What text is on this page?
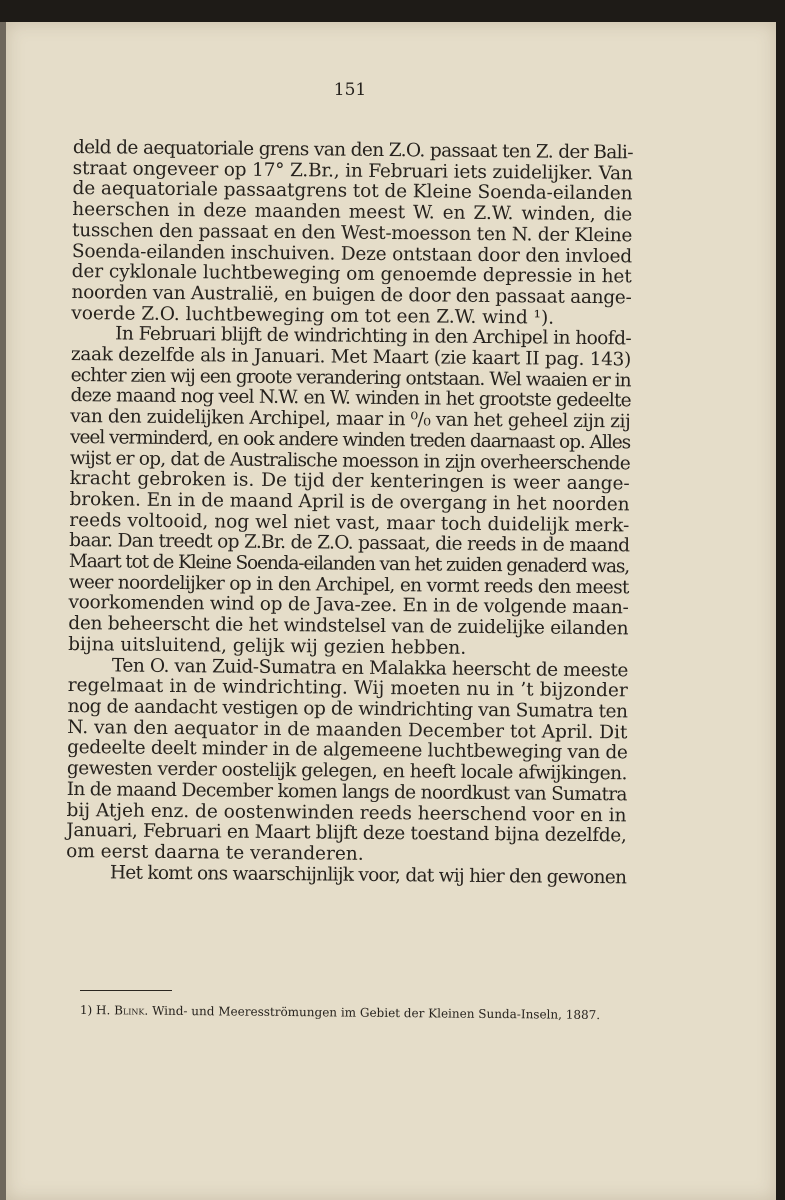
151
deld de aequatoriale grens van den Z.O. passaat ten Z. der Bali-
straat ongeveer op 17° Z.Br., in Februari iets zuidelijker. Van
de aequatoriale passaatgrens tot de Kleine Soenda-eilanden
heerschen in deze maanden meest W. en Z.W. winden, die
tusschen den passaat en den West-moesson ten N. der Kleine
Soenda-eilanden inschuiven. Deze ontstaan door den invloed
der cyklonale luchtbeweging om genoemde depressie in het
noorden van Australië, en buigen de door den passaat aange-
voerde Z.O. luchtbeweging om tot een Z.W. wind ¹).
In Februari blijft de windrichting in den Archipel in hoofd-
zaak dezelfde als in Januari. Met Maart (zie kaart II pag. 143)
echter zien wij een groote verandering ontstaan. Wel waaien er in
deze maand nog veel N.W. en W. winden in het grootste gedeelte
van den zuidelijken Archipel, maar in ⁰/₀ van het geheel zijn zij
veel verminderd, en ook andere winden treden daarnaast op. Alles
wijst er op, dat de Australische moesson in zijn overheerschende
kracht gebroken is. De tijd der kenteringen is weer aange-
broken. En in de maand April is de overgang in het noorden
reeds voltooid, nog wel niet vast, maar toch duidelijk merk-
baar. Dan treedt op Z.Br. de Z.O. passaat, die reeds in de maand
Maart tot de Kleine Soenda-eilanden van het zuiden genaderd was,
weer noordelijker op in den Archipel, en vormt reeds den meest
voorkomenden wind op de Java-zee. En in de volgende maan-
den beheerscht die het windstelsel van de zuidelijke eilanden
bijna uitsluitend, gelijk wij gezien hebben.
Ten O. van Zuid-Sumatra en Malakka heerscht de meeste
regelmaat in de windrichting. Wij moeten nu in ’t bijzonder
nog de aandacht vestigen op de windrichting van Sumatra ten
N. van den aequator in de maanden December tot April. Dit
gedeelte deelt minder in de algemeene luchtbeweging van de
gewesten verder oostelijk gelegen, en heeft locale afwijkingen.
In de maand December komen langs de noordkust van Sumatra
bij Atjeh enz. de oostenwinden reeds heerschend voor en in
Januari, Februari en Maart blijft deze toestand bijna dezelfde,
om eerst daarna te veranderen.
Het komt ons waarschijnlijk voor, dat wij hier den gewonen
1) H. Blink. Wind- und Meeresströmungen im Gebiet der Kleinen Sunda-Inseln, 1887.
